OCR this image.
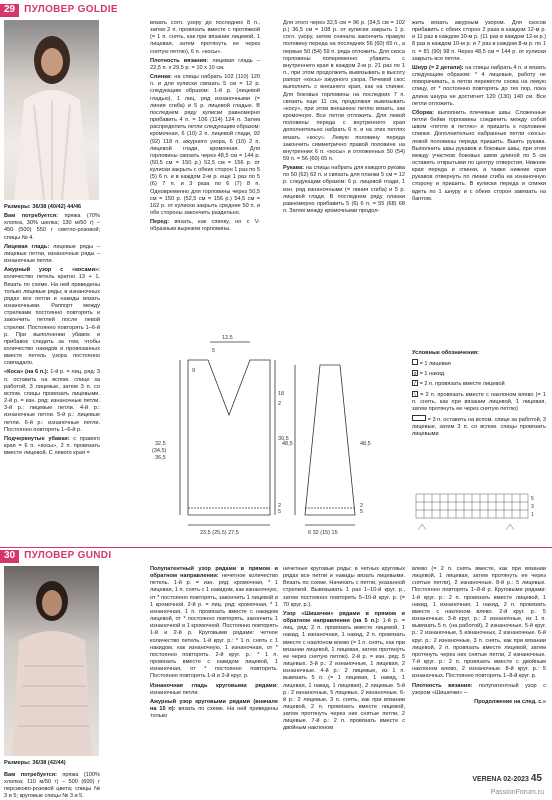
29 ПУЛОВЕР GOLDIE

Размеры: 36/38 (40/42) 44/46

Вам потребуется: пряжа (70% хлопка, 30% шелка; 130 м/50 г) – 450 (500) 550 г светло-розовой; спицы № 4.

Лицевая гладь: лицевые ряды – лицевые петли, изнаночные ряды – изнаночные петли.

Ажурный узор с «косами»: количество петель кратно 13 + 1. Вязать по схеме. На ней приведены только лицевые ряды; в изнаночных рядах все петли и накиды вязать изнаночными. Раппорт между стрелками постоянно повторять и закончить петлей после левой стрелки. Постоянно повторять 1–6-й р. При выполнении убавок и прибавок следить за тем, чтобы количество накидов и провязанных вместе петель узора постоянно совпадало.

«Коса» (на 6 п.): 1-й р. = лиц. ряд: 3 п. оставить на вспом. спице за работой, 3 лицевые, затем 3 п. со вспом. спицы провязать лицевыми. 2-й р. = изн. ряд: изнаночные петли. 3-й р.: лицевые петли. 4-й р.: изнаночные петли. 5-й р.: лицевые петли. 6-й р.: изнаночные петли. Постоянно повторять 1–6-й р.

Подчеркнутые убавки: с правого края = 6 п. «косы», 2 п. провязать вместе лицевой. С левого края =

вязать согл. узору до последних 8 п., затем 2 п. провязать вместе с протяжкой (= 1 п. снять, как при вязании лицевой, 1 лицевая, затем протянуть ее через снятую петлю), 6 п. «косы».

Плотность вязания: лицевая гладь – 22,5 п. x 29,5 р. = 10 x 10 см.

Спинка: на спицы набрать 102 (110) 120 п. и для кулиски связать 5 см = 12 р. следующим образом: 1-й р. (лицевой гладью), 1 лиц. ряд изнаночными (= линия сгиба) и 5 р. лицевой гладью. В последнем ряду кулиски равномерно прибавить 4 п. = 106 (114) 124 п. Затем распределить петли следующим образом: кромочная, 6 (10) 2 п. лицевой глади, 92 (92) 118 п. ажурного узора, 6 (10) 2 п. лицевой глади, кромочная. Для горловины связать через 48,5 см = 144 р. (50,5 см = 150 р.) 52,5 см = 156 р. от кулиски закрыть с обеих сторон 1 раз по 5 (5) 6 п. и в каждом 2-м р. еще 1 раз по 5 (6) 7 п. и 3 раза по 6 (7) 8 п. Одновременно для горловины через 50,5 см = 150 р. (52,5 см = 156 р.) 54,5 см = 162 р. от кулиски закрыть средние 50 п. и обе стороны закончить раздельно.

Перед: вязать, как спинку, но с V-образным вырезом горловины.

Для этого через 32,5 см = 96 р. (34,5 см = 102 р.) 36,5 см = 108 р. от кулиски закрыть 1 р. согл. узору, затем сначала закончить правую половину переда на последних 56 (60) 65 п., а первые 50 (54) 59 п. ряда отложить. Для скоса горловины попеременно убавить с внутреннего края в каждом 2-м р. 21 раз по 1 п., при этом продолжить вывязывать в высоту рапорт «косы» ажурного узора. Печевой скос выполнить с внешнего края, как на спинке. Для боковых горловины на последних 7 п. связать еще 11 см, продолжая вывязывать «косу», при этом внешнюю петлю вязать, как кромочную. Все петли отложить. Для левой половины переда с внутреннего края дополнительно набрать 6 п. и на этих петлях вязать «косу». Левую половину переда закончить симметрично правой половине на внутренних 6 п. «косы» и отложенных 50 (54) 59 п. = 56 (60) 65 п.

Рукава: на спицы набрать для каждого рукава по 50 (62) 62 п. и связать для планки 5 см = 12 р. следующим образом: 6 р. лицевой глади, 1 изн. ряд изнаночными (= линия сгиба) и 5 р. лицевой глади. В последнем ряду планки равномерно прибавить 5 (6) 6 п. = 55 (68) 68 п. Затем между кромочными продол-

жить вязать ажурным узором. Для скосов прибавить с обеих сторон 2 раза в каждом 12-м р. и 11 раз в каждом 10-м р. (11 раз в каждом 12-м р.) 8 раз в каждом 10-м р. и 7 раз в каждом 8-м р. по 1 п. = 81 (90) 98 п. Через 48,5 см = 144 р. от кулиски закрыть все петли.

Шнур (= 2 детали): на спицы набрать 4 п. и вязать следующим образом: * 4 лицевые, работу не поворачивать, а петли перевести снова на левую спицу, от * постоянно повторять до тех пор, пока длина шнура не достигнет 120 (130) 140 см. Все петли отложить.

Сборка: выполнить плечевые швы. Сложенные петли бейки горловины соединить между собой швом «петля в петлю» и пришить к горловине спинки. Дополнительно набранные петли «косы» левой половины переда пришить. Вшить рукава. Выполнить швы рукавов и боковые швы, при этом между участков боковых швов длиной по 5 см оставить открытыми по центру отверстия. Нижние края переда и спинки, а также нижние края рукавов отвернуть по линии сгиба на изнаночную сторону и пришить. В кулиски переда и спинки вдеть по 1 шнуру и с обеих сторон завязать на бантом.

12,5
5
9
18
2
30,5
32,5
(34,5)
36,5
5
2
23,5 (25,5) 27,5
48,5	48,5
5
2
6 32 (15) 15

Условные обозначения:

= 1 лицевая

o = 1 накид

/ = 2 п. провязать вместе лицевой

\ = 2 п. провязать вместе с наклоном влево (= 1 п. снять, как при вязании лицевой, 1 лицевая, затем протянуть ее через снятую петлю)

= 3 п. оставить на вспом. спице за работой, 3 лицевые, затем 3 п. со вспом. спицы провязать лицевыми

5
3
1
30 ПУЛОВЕР GUNDI

Размеры: 36/38 (42/44)

Вам потребуется: пряжа (100% хлопка; 110 м/50 г) – 500 (600) г персиково-розовой цвета; спицы № 3 и 5; круговые спицы № 3 и 5.

Полупатентный узор рядами в прямом и обратном направлении: нечетное количество петель. 1-й р. = изн. ряд: кромочная, * 1 лицевая, 1 п. снять с 1 накидом, как изнаночную, от * постоянно повторять, закончить 1 лицевой и 1 кромочной. 2-й р. = лиц. ряд: кромочная, * 1 изнаночная, 1 п. провязать вместе с накидом лицевой, от * постоянно повторять, закончить 1 изнаночной и 1 кромочной. Постоянно повторять 1-й и 2-й р. Круговыми рядами: четное количество петель. 1-й круг. р.: * 1 п. снять с 1 накидом, как изнаночную, 1 изнаночная, от * постоянно повторять. 2-й круг. р.: * 1 п. провязать вместе с накидом лицевой, 1 изнаночная, от * постоянно повторять. Постоянно повторять 1-й и 2-й круг. р.

Изнаночная гладь круговыми рядами: изнаночные петли.

Ажурный узор круговыми рядами (вначале на 15 п): вязать по схеме. На ней приведены только

нечетные круговые ряды; в четных круговых рядах все петли и накиды вязать лицевыми. Вязать по схеме. Начинать с петли, указанной стрелкой. Вывязывать 1 раз 1–10-й круг. р., затем постоянно повторять 5–10-й круг. р. (= 70 круг. р.).

Узор «Шишечки» рядами в прямом и обратном направлении (на 5 п.): 1-й р. = лиц. ряд: 2 п. провязать вместе лицевой, 1 накид, 1 изнаночная, 1 накид, 2 п. провязать вместе с наклоном влево (= 1 п. снять, как при вязании лицевой, 1 лицевая, затем протянуть ее через снятую петлю). 2-й р. = изн. ряд: 5 лицевых. 3-й р.: 2 изнаночные, 1 лицевая, 2 изнаночные. 4-й р.: 2 лицевые, из 1 п. вывязать 5 п. (= 1 лицевая, 1 накид, 1 лицевая, 1 накид, 1 лицевая), 2 лицевые. 5-й р.: 2 изнаночные, 5 лицевых, 2 изнаночные. 6-й р.: 2 лицевые, 3 п. снять, как при вязании лицевой, 2 п. провязать вместе лицевой, затем протянуть через них снятые петли, 2 лицевые. 7-й р.: 2 п. провязать вместе с двойным наклоном

влево (= 2 п. снять вместе, как при вязании лицевой, 1 лицевая, затем протянуть ее через снятые петли), 2 изнаночные. 8-й р.: 5 лицевых. Постоянно повторять 1–8-й р. Круговыми рядами: 1-й круг. р.: 2 п. провязать вместе лицевой, 1 накид, 1 изнаночная, 1 накид, 2 п. провязать вместе с наклоном влево. 2-й круг. р.: 5 изнаночных. 3-й круг. р.: 2 изнаночные, из 1 п. вывязать 5 п. (на работой), 2 изнаночные. 5-й круг. р.: 2 изнаночные, 5 изнаночных, 2 изнаночные. 6-й круг. р.: 2 изнаночные, 3 п. снять, как при вязании лицевой, 2 п. провязать вместе лицевой, затем протянуть через них снятые петли, 2 изнаночные. 7-й круг. р.: 2 п. провязать вместе с двойным наклоном влево, 2 изнаночные. 8-й круг. р.: 5 изнаночных. Постоянно повторять 1–8-й круг. р.

Плотность вязания: полупатентный узор с узором «Шишечки» –

Продолжение на след. с.»

VERENA 02-2023 45
PassionForum.ru
